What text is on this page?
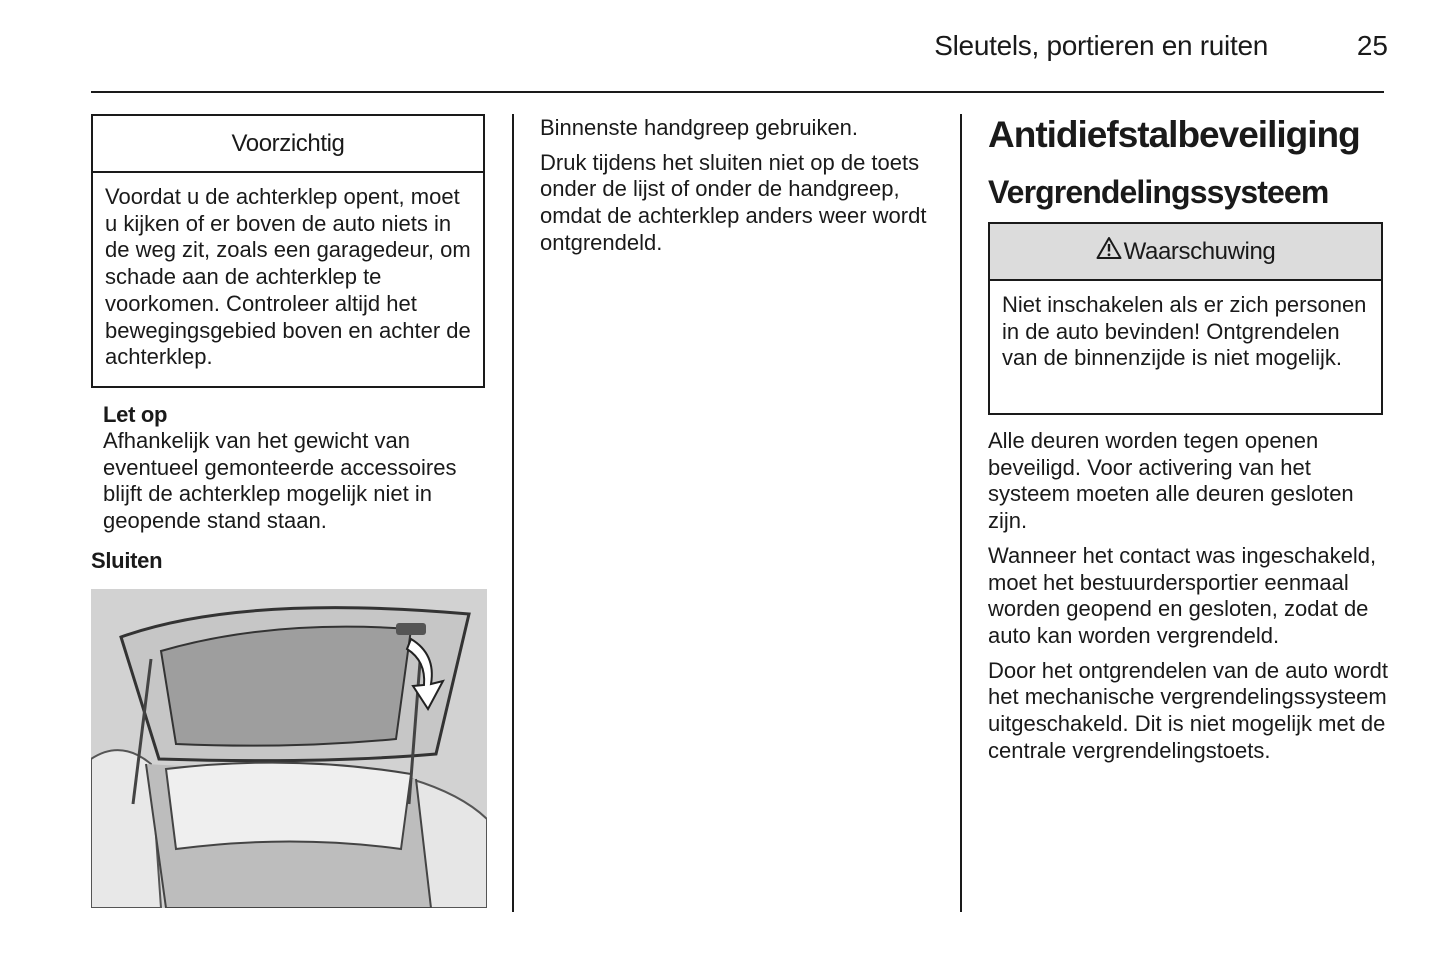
Sleutels, portieren en ruiten	25
Voorzichtig
Voordat u de achterklep opent, moet u kijken of er boven de auto niets in de weg zit, zoals een garagedeur, om schade aan de achterklep te voorkomen. Controleer altijd het bewegingsgebied boven en achter de achterklep.
Let op
Afhankelijk van het gewicht van eventueel gemonteerde accessoires blijft de achterklep mogelijk niet in geopende stand staan.
Sluiten

Binnenste handgreep gebruiken.

Druk tijdens het sluiten niet op de toets onder de lijst of onder de handgreep, omdat de achterklep anders weer wordt ontgrendeld.

Antidiefstalbeveiliging
Vergrendelingssysteem
Waarschuwing
Niet inschakelen als er zich personen in de auto bevinden! Ontgrendelen van de binnenzijde is niet mogelijk.

Alle deuren worden tegen openen beveiligd. Voor activering van het systeem moeten alle deuren gesloten zijn.

Wanneer het contact was ingeschakeld, moet het bestuurdersportier eenmaal worden geopend en gesloten, zodat de auto kan worden vergrendeld.

Door het ontgrendelen van de auto wordt het mechanische vergrendelingssysteem uitgeschakeld. Dit is niet mogelijk met de centrale vergrendelingstoets.
